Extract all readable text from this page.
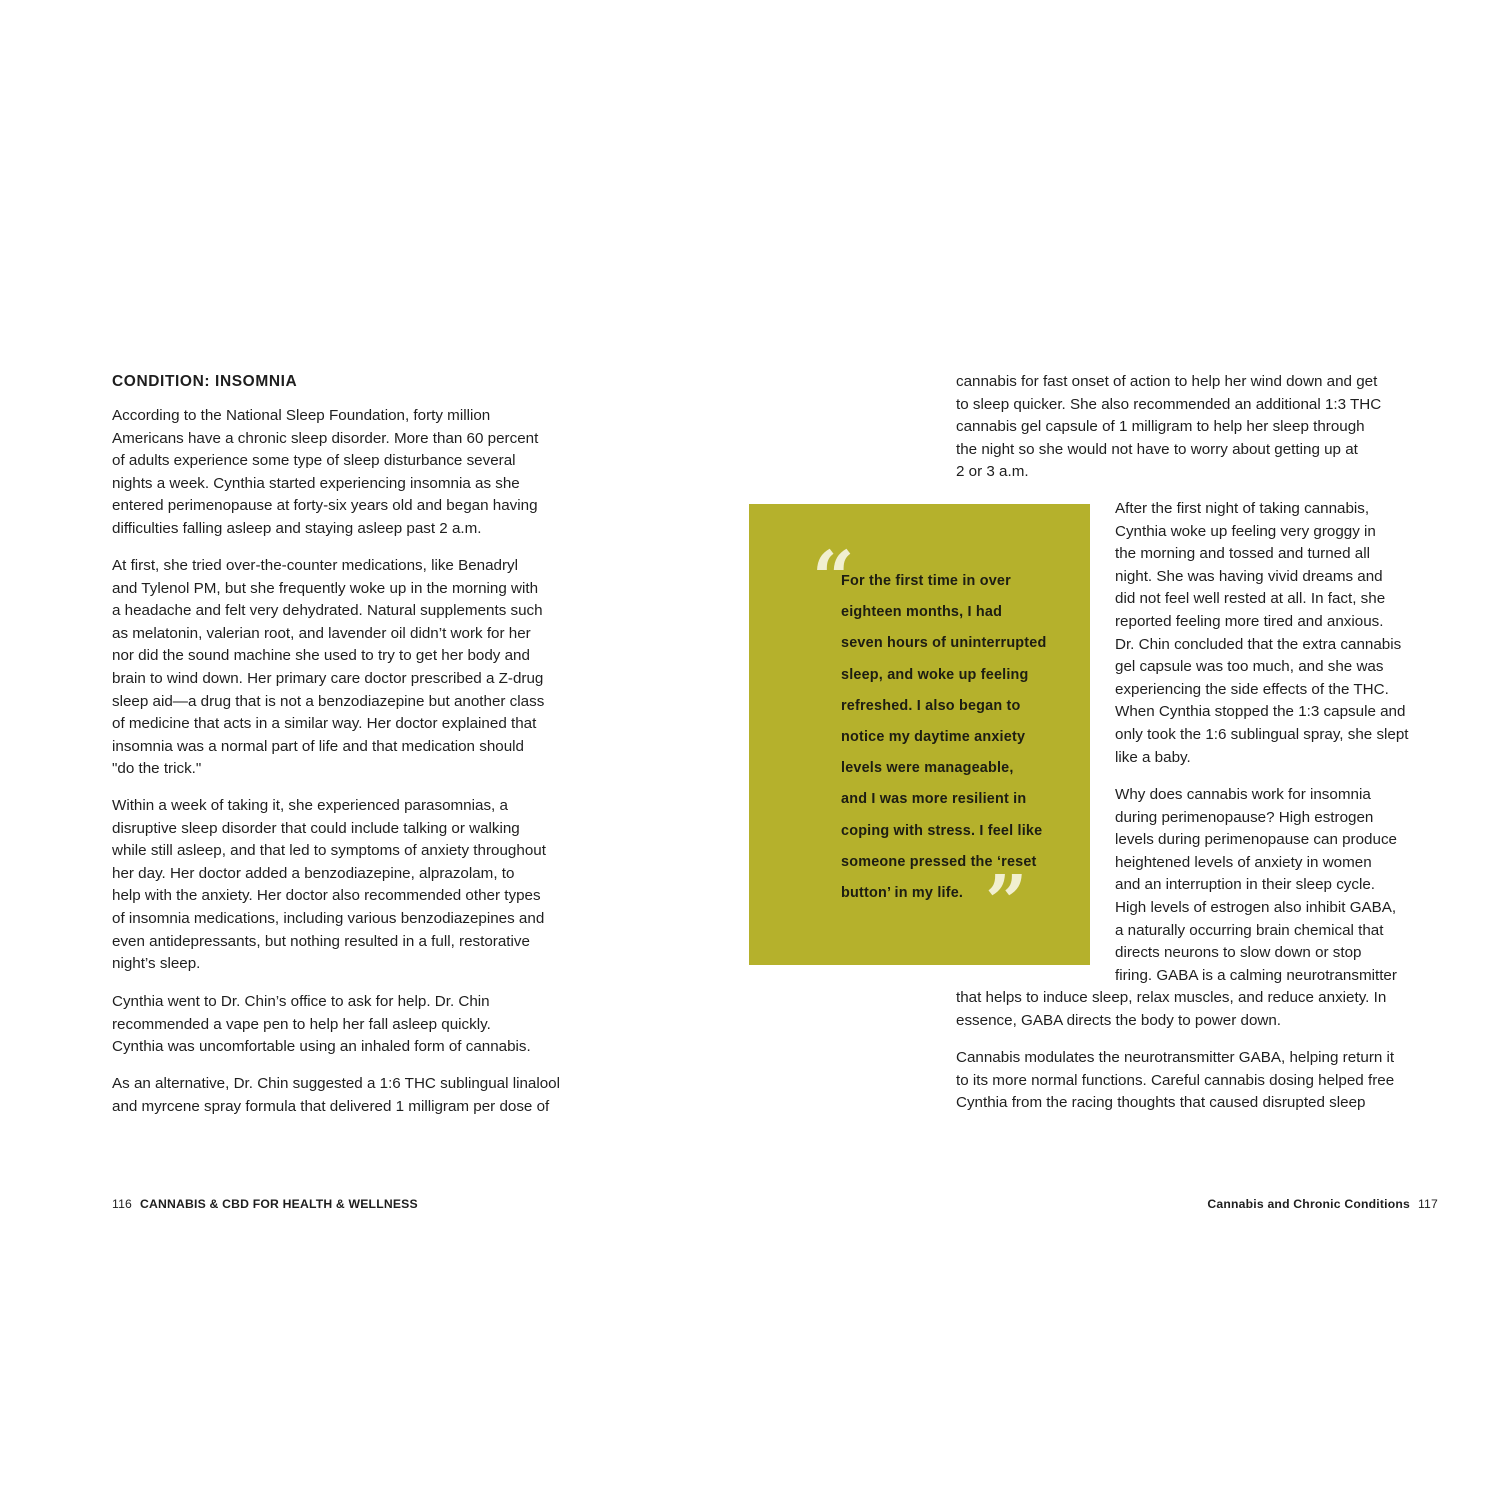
CONDITION: INSOMNIA

According to the National Sleep Foundation, forty million
Americans have a chronic sleep disorder. More than 60 percent
of adults experience some type of sleep disturbance several
nights a week. Cynthia started experiencing insomnia as she
entered perimenopause at forty-six years old and began having
difficulties falling asleep and staying asleep past 2 a.m.

At first, she tried over-the-counter medications, like Benadryl
and Tylenol PM, but she frequently woke up in the morning with
a headache and felt very dehydrated. Natural supplements such
as melatonin, valerian root, and lavender oil didn’t work for her
nor did the sound machine she used to try to get her body and
brain to wind down. Her primary care doctor prescribed a Z-drug
sleep aid—a drug that is not a benzodiazepine but another class
of medicine that acts in a similar way. Her doctor explained that
insomnia was a normal part of life and that medication should
"do the trick."

Within a week of taking it, she experienced parasomnias, a
disruptive sleep disorder that could include talking or walking
while still asleep, and that led to symptoms of anxiety throughout
her day. Her doctor added a benzodiazepine, alprazolam, to
help with the anxiety. Her doctor also recommended other types
of insomnia medications, including various benzodiazepines and
even antidepressants, but nothing resulted in a full, restorative
night’s sleep.

Cynthia went to Dr. Chin’s office to ask for help. Dr. Chin
recommended a vape pen to help her fall asleep quickly.
Cynthia was uncomfortable using an inhaled form of cannabis.

As an alternative, Dr. Chin suggested a 1:6 THC sublingual linalool
and myrcene spray formula that delivered 1 milligram per dose of

116 CANNABIS & CBD FOR HEALTH & WELLNESS

cannabis for fast onset of action to help her wind down and get
to sleep quicker. She also recommended an additional 1:3 THC
cannabis gel capsule of 1 milligram to help her sleep through
the night so she would not have to worry about getting up at
2 or 3 a.m.

“

For the first time in over
eighteen months, I had
seven hours of uninterrupted
sleep, and woke up feeling
refreshed. I also began to
notice my daytime anxiety
levels were manageable,
and I was more resilient in
coping with stress. I feel like
someone pressed the ‘reset
button’ in my life. ”

After the first night of taking cannabis,
Cynthia woke up feeling very groggy in
the morning and tossed and turned all
night. She was having vivid dreams and
did not feel well rested at all. In fact, she
reported feeling more tired and anxious.
Dr. Chin concluded that the extra cannabis
gel capsule was too much, and she was
experiencing the side effects of the THC.
When Cynthia stopped the 1:3 capsule and
only took the 1:6 sublingual spray, she slept
like a baby.

Why does cannabis work for insomnia
during perimenopause? High estrogen
levels during perimenopause can produce
heightened levels of anxiety in women
and an interruption in their sleep cycle.
High levels of estrogen also inhibit GABA,
a naturally occurring brain chemical that
directs neurons to slow down or stop
firing. GABA is a calming neurotransmitter

that helps to induce sleep, relax muscles, and reduce anxiety. In
essence, GABA directs the body to power down.

Cannabis modulates the neurotransmitter GABA, helping return it
to its more normal functions. Careful cannabis dosing helped free
Cynthia from the racing thoughts that caused disrupted sleep

Cannabis and Chronic Conditions 117
